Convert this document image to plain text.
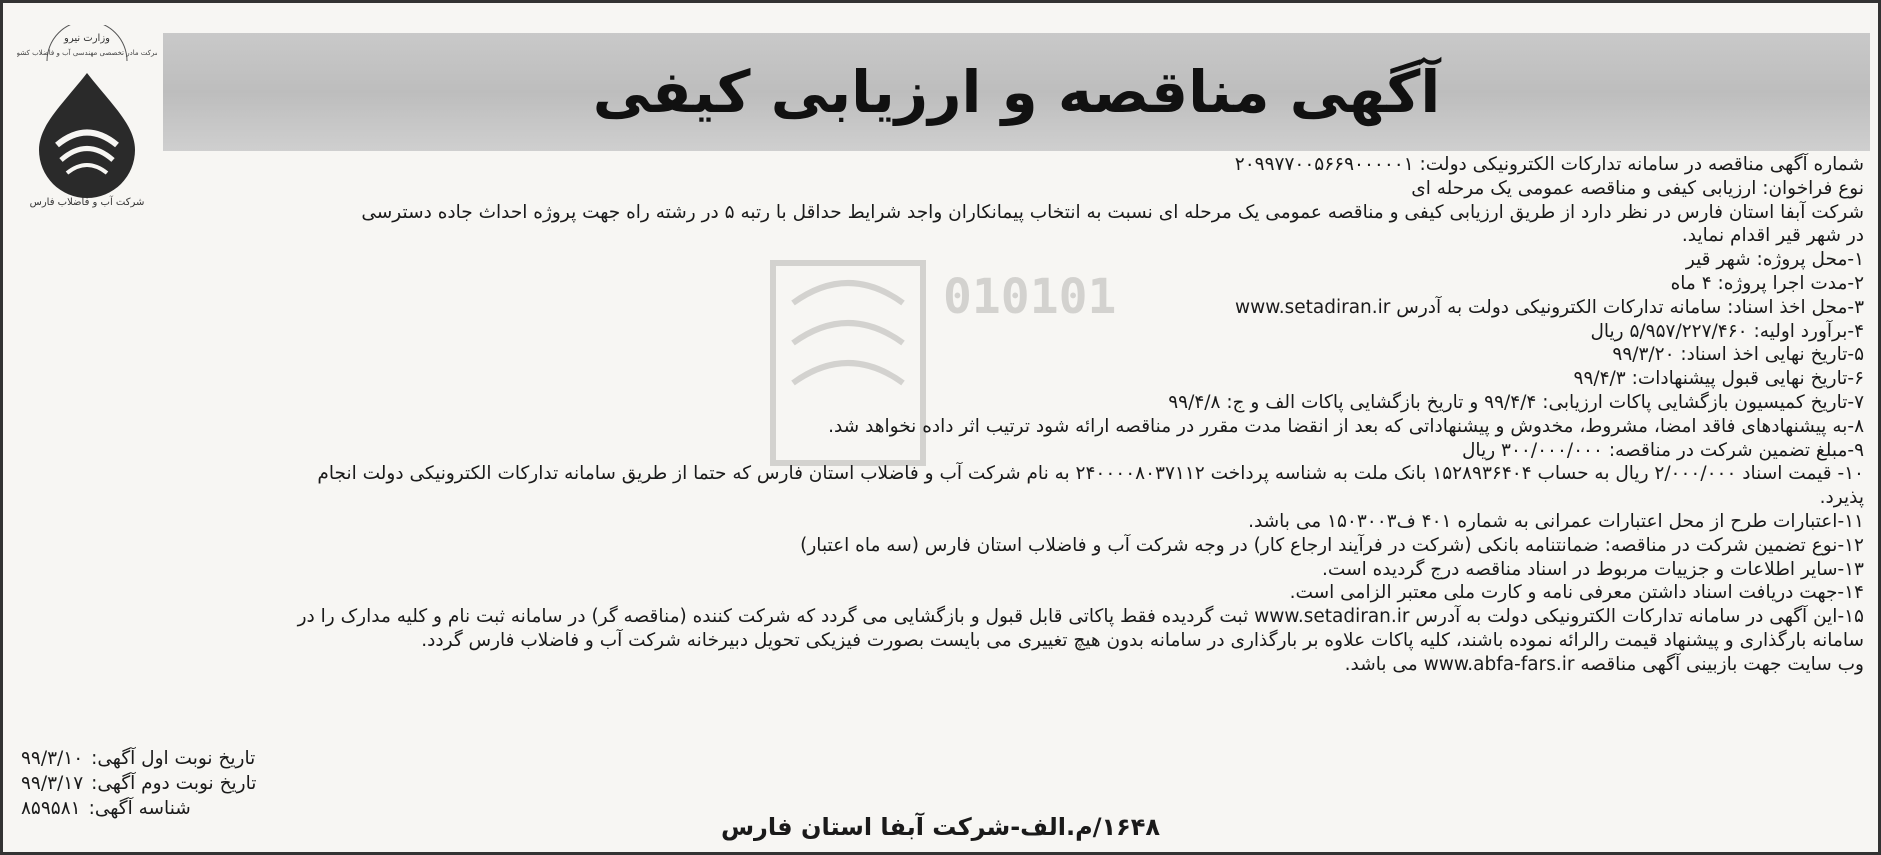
وزارت نیرو
شرکت مادر تخصصی مهندسی آب و فاضلاب کشور
شرکت آب و فاضلاب فارس
آگهی مناقصه و ارزیابی کیفی
010101
شماره آگهی مناقصه در سامانه تدارکات الکترونیکی دولت: ۲۰۹۹۷۷۰۰۵۶۶۹۰۰۰۰۰۱
نوع فراخوان: ارزیابی کیفی و مناقصه عمومی یک مرحله ای
شرکت آبفا استان فارس در نظر دارد از طریق ارزیابی کیفی و مناقصه عمومی یک مرحله ای نسبت به انتخاب پیمانکاران واجد شرایط حداقل با رتبه ۵ در رشته راه جهت پروژه احداث جاده دسترسی
در شهر قیر اقدام نماید.
۱-محل پروژه: شهر قیر
۲-مدت اجرا پروژه: ۴ ماه
۳-محل اخذ اسناد: سامانه تدارکات الکترونیکی دولت به آدرس www.setadiran.ir
۴-برآورد اولیه: ۵/۹۵۷/۲۲۷/۴۶۰ ریال
۵-تاریخ نهایی اخذ اسناد: ۹۹/۳/۲۰
۶-تاریخ نهایی قبول پیشنهادات: ۹۹/۴/۳
۷-تاریخ کمیسیون بازگشایی پاکات ارزیابی: ۹۹/۴/۴ و تاریخ بازگشایی پاکات الف و ج: ۹۹/۴/۸
۸-به پیشنهادهای فاقد امضا، مشروط، مخدوش و پیشنهاداتی که بعد از انقضا مدت مقرر در مناقصه ارائه شود ترتیب اثر داده نخواهد شد.
۹-مبلغ تضمین شرکت در مناقصه: ۳۰۰/۰۰۰/۰۰۰ ریال
۱۰- قیمت اسناد ۲/۰۰۰/۰۰۰ ریال به حساب ۱۵۲۸۹۳۶۴۰۴ بانک ملت به شناسه پرداخت ۲۴۰۰۰۰۸۰۳۷۱۱۲ به نام شرکت آب و فاضلاب استان فارس که حتما از طریق سامانه تدارکات الکترونیکی دولت انجام
پذیرد.
۱۱-اعتبارات طرح از محل اعتبارات عمرانی به شماره ۴۰۱ ف۱۵۰۳۰۰۳ می باشد.
۱۲-نوع تضمین شرکت در مناقصه: ضمانتنامه بانکی (شرکت در فرآیند ارجاع کار) در وجه شرکت آب و فاضلاب استان فارس (سه ماه اعتبار)
۱۳-سایر اطلاعات و جزییات مربوط در اسناد مناقصه درج گردیده است.
۱۴-جهت دریافت اسناد داشتن معرفی نامه و کارت ملی معتبر الزامی است.
۱۵-این آگهی در سامانه تدارکات الکترونیکی دولت به آدرس www.setadiran.ir ثبت گردیده فقط پاکاتی قابل قبول و بازگشایی می گردد که شرکت کننده (مناقصه گر) در سامانه ثبت نام و کلیه مدارک را در
سامانه بارگذاری و پیشنهاد قیمت رالرائه نموده باشند، کلیه پاکات علاوه بر بارگذاری در سامانه بدون هیچ تغییری می بایست بصورت فیزیکی تحویل دبیرخانه شرکت آب و فاضلاب فارس گردد.
وب سایت جهت بازبینی آگهی مناقصه www.abfa-fars.ir می باشد.
تاریخ نوبت اول آگهی:
۹۹/۳/۱۰
تاریخ نوبت دوم آگهی:
۹۹/۳/۱۷
شناسه آگهی:
۸۵۹۵۸۱
۱۶۴۸/م.الف-شرکت آبفا استان فارس
